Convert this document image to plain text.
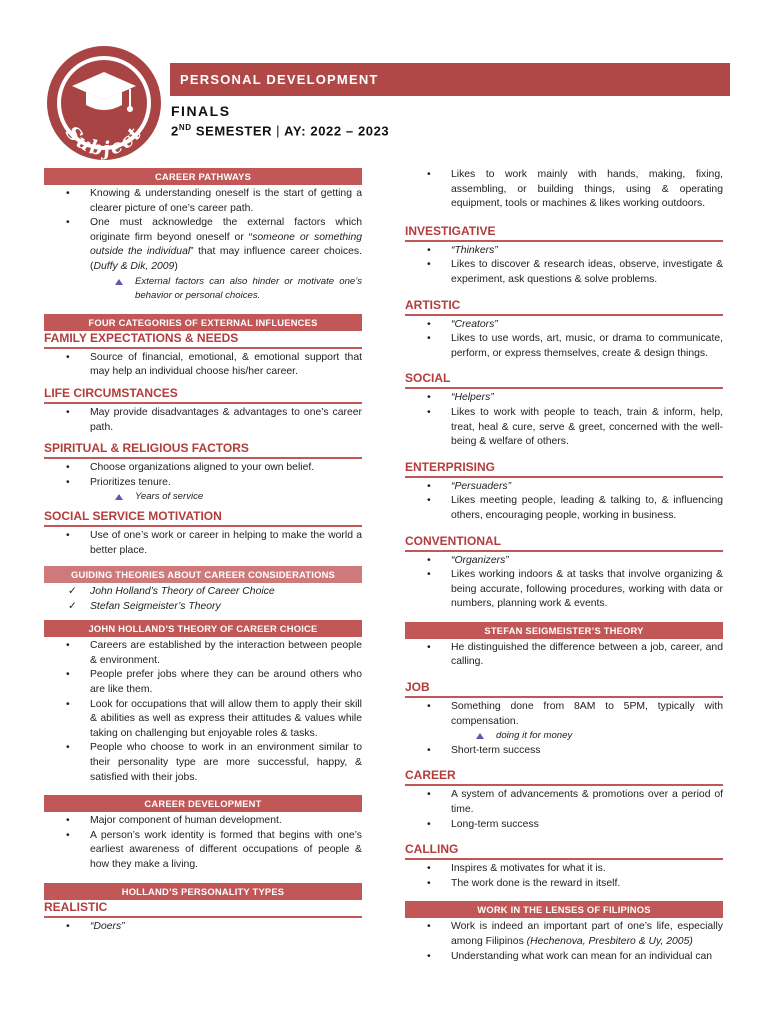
Subject
PERSONAL DEVELOPMENT
FINALS
2ND SEMESTER | AY: 2022 – 2023
CAREER PATHWAYS
• Knowing & understanding oneself is the start of getting a clearer picture of one’s career path.
• One must acknowledge the external factors which originate firm beyond oneself or “someone or something outside the individual” that may influence career choices. (Duffy & Dik, 2009)
External factors can also hinder or motivate one’s behavior or personal choices.
FOUR CATEGORIES OF EXTERNAL INFLUENCES
FAMILY EXPECTATIONS & NEEDS
• Source of financial, emotional, & emotional support that may help an individual choose his/her career.
LIFE CIRCUMSTANCES
• May provide disadvantages & advantages to one’s career path.
SPIRITUAL & RELIGIOUS FACTORS
• Choose organizations aligned to your own belief.
• Prioritizes tenure.
Years of service
SOCIAL SERVICE MOTIVATION
• Use of one’s work or career in helping to make the world a better place.
GUIDING THEORIES ABOUT CAREER CONSIDERATIONS
✓ John Holland’s Theory of Career Choice
✓ Stefan Seigmeister’s Theory
JOHN HOLLAND’S THEORY OF CAREER CHOICE
• Careers are established by the interaction between people & environment.
• People prefer jobs where they can be around others who are like them.
• Look for occupations that will allow them to apply their skill & abilities as well as express their attitudes & values while taking on challenging but enjoyable roles & tasks.
• People who choose to work in an environment similar to their personality type are more successful, happy, & satisfied with their jobs.
CAREER DEVELOPMENT
• Major component of human development.
• A person’s work identity is formed that begins with one’s earliest awareness of different occupations of people & how they make a living.
HOLLAND’S PERSONALITY TYPES
REALISTIC
• “Doers”
• Likes to work mainly with hands, making, fixing, assembling, or building things, using & operating equipment, tools or machines & likes working outdoors.
INVESTIGATIVE
• “Thinkers”
• Likes to discover & research ideas, observe, investigate & experiment, ask questions & solve problems.
ARTISTIC
• “Creators”
• Likes to use words, art, music, or drama to communicate, perform, or express themselves, create & design things.
SOCIAL
• “Helpers”
• Likes to work with people to teach, train & inform, help, treat, heal & cure, serve & greet, concerned with the well-being & welfare of others.
ENTERPRISING
• “Persuaders”
• Likes meeting people, leading & talking to, & influencing others, encouraging people, working in business.
CONVENTIONAL
• “Organizers”
• Likes working indoors & at tasks that involve organizing & being accurate, following procedures, working with data or numbers, planning work & events.
STEFAN SEIGMEISTER’S THEORY
• He distinguished the difference between a job, career, and calling.
JOB
• Something done from 8AM to 5PM, typically with compensation.
doing it for money
• Short-term success
CAREER
• A system of advancements & promotions over a period of time.
• Long-term success
CALLING
• Inspires & motivates for what it is.
• The work done is the reward in itself.
WORK IN THE LENSES OF FILIPINOS
• Work is indeed an important part of one’s life, especially among Filipinos (Hechenova, Presbitero & Uy, 2005)
• Understanding what work can mean for an individual can
